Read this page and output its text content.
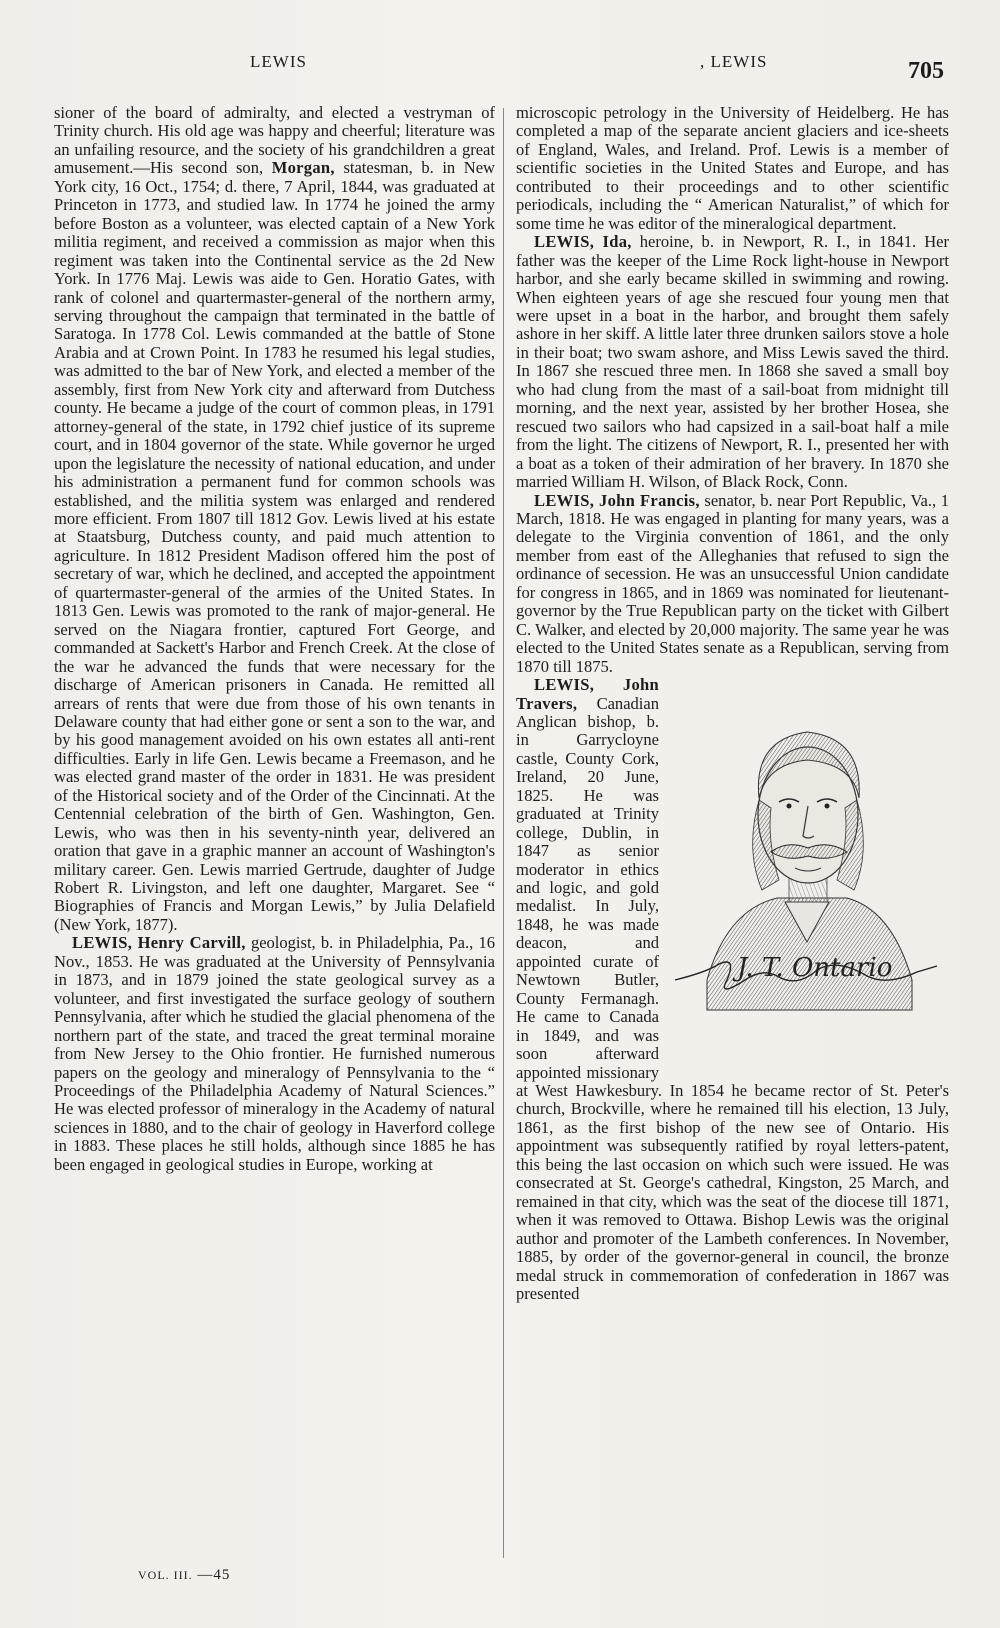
LEWIS	, LEWIS	705

sioner of the board of admiralty, and elected a vestryman of Trinity church. His old age was happy and cheerful; literature was an unfailing resource, and the society of his grandchildren a great amusement.—His second son, Morgan, statesman, b. in New York city, 16 Oct., 1754; d. there, 7 April, 1844, was graduated at Princeton in 1773, and studied law. In 1774 he joined the army before Boston as a volunteer, was elected captain of a New York militia regiment, and received a commission as major when this regiment was taken into the Continental service as the 2d New York. In 1776 Maj. Lewis was aide to Gen. Horatio Gates, with rank of colonel and quartermaster-general of the northern army, serving throughout the campaign that terminated in the battle of Saratoga. In 1778 Col. Lewis commanded at the battle of Stone Arabia and at Crown Point. In 1783 he resumed his legal studies, was admitted to the bar of New York, and elected a member of the assembly, first from New York city and afterward from Dutchess county. He became a judge of the court of common pleas, in 1791 attorney-general of the state, in 1792 chief justice of its supreme court, and in 1804 governor of the state. While governor he urged upon the legislature the necessity of national education, and under his administration a permanent fund for common schools was established, and the militia system was enlarged and rendered more efficient. From 1807 till 1812 Gov. Lewis lived at his estate at Staatsburg, Dutchess county, and paid much attention to agriculture. In 1812 President Madison offered him the post of secretary of war, which he declined, and accepted the appointment of quartermaster-general of the armies of the United States. In 1813 Gen. Lewis was promoted to the rank of major-general. He served on the Niagara frontier, captured Fort George, and commanded at Sackett's Harbor and French Creek. At the close of the war he advanced the funds that were necessary for the discharge of American prisoners in Canada. He remitted all arrears of rents that were due from those of his own tenants in Delaware county that had either gone or sent a son to the war, and by his good management avoided on his own estates all anti-rent difficulties. Early in life Gen. Lewis became a Freemason, and he was elected grand master of the order in 1831. He was president of the Historical society and of the Order of the Cincinnati. At the Centennial celebration of the birth of Gen. Washington, Gen. Lewis, who was then in his seventy-ninth year, delivered an oration that gave in a graphic manner an account of Washington's military career. Gen. Lewis married Gertrude, daughter of Judge Robert R. Livingston, and left one daughter, Margaret. See “ Biographies of Francis and Morgan Lewis,” by Julia Delafield (New York, 1877).

LEWIS, Henry Carvill, geologist, b. in Philadelphia, Pa., 16 Nov., 1853. He was graduated at the University of Pennsylvania in 1873, and in 1879 joined the state geological survey as a volunteer, and first investigated the surface geology of southern Pennsylvania, after which he studied the glacial phenomena of the northern part of the state, and traced the great terminal moraine from New Jersey to the Ohio frontier. He furnished numerous papers on the geology and mineralogy of Pennsylvania to the “ Proceedings of the Philadelphia Academy of Natural Sciences.” He was elected professor of mineralogy in the Academy of natural sciences in 1880, and to the chair of geology in Haverford college in 1883. These places he still holds, although since 1885 he has been engaged in geological studies in Europe, working at

microscopic petrology in the University of Heidelberg. He has completed a map of the separate ancient glaciers and ice-sheets of England, Wales, and Ireland. Prof. Lewis is a member of scientific societies in the United States and Europe, and has contributed to their proceedings and to other scientific periodicals, including the “ American Naturalist,” of which for some time he was editor of the mineralogical department.

LEWIS, Ida, heroine, b. in Newport, R. I., in 1841. Her father was the keeper of the Lime Rock light-house in Newport harbor, and she early became skilled in swimming and rowing. When eighteen years of age she rescued four young men that were upset in a boat in the harbor, and brought them safely ashore in her skiff. A little later three drunken sailors stove a hole in their boat; two swam ashore, and Miss Lewis saved the third. In 1867 she rescued three men. In 1868 she saved a small boy who had clung from the mast of a sail-boat from midnight till morning, and the next year, assisted by her brother Hosea, she rescued two sailors who had capsized in a sail-boat half a mile from the light. The citizens of Newport, R. I., presented her with a boat as a token of their admiration of her bravery. In 1870 she married William H. Wilson, of Black Rock, Conn.

LEWIS, John Francis, senator, b. near Port Republic, Va., 1 March, 1818. He was engaged in planting for many years, was a delegate to the Virginia convention of 1861, and the only member from east of the Alleghanies that refused to sign the ordinance of secession. He was an unsuccessful Union candidate for congress in 1865, and in 1869 was nominated for lieutenant-governor by the True Republican party on the ticket with Gilbert C. Walker, and elected by 20,000 majority. The same year he was elected to the United States senate as a Republican, serving from 1870 till 1875.

J. T. Ontario
LEWIS, John Travers, Canadian Anglican bishop, b. in Garrycloyne castle, County Cork, Ireland, 20 June, 1825. He was graduated at Trinity college, Dublin, in 1847 as senior moderator in ethics and logic, and gold medalist. In July, 1848, he was made deacon, and appointed curate of Newtown Butler, County Fermanagh. He came to Canada in 1849, and was soon afterward appointed missionary at West Hawkesbury. In 1854 he became rector of St. Peter's church, Brockville, where he remained till his election, 13 July, 1861, as the first bishop of the new see of Ontario. His appointment was subsequently ratified by royal letters-patent, this being the last occasion on which such were issued. He was consecrated at St. George's cathedral, Kingston, 25 March, and remained in that city, which was the seat of the diocese till 1871, when it was removed to Ottawa. Bishop Lewis was the original author and promoter of the Lambeth conferences. In November, 1885, by order of the governor-general in council, the bronze medal struck in commemoration of confederation in 1867 was presented

VOL. III. —45
